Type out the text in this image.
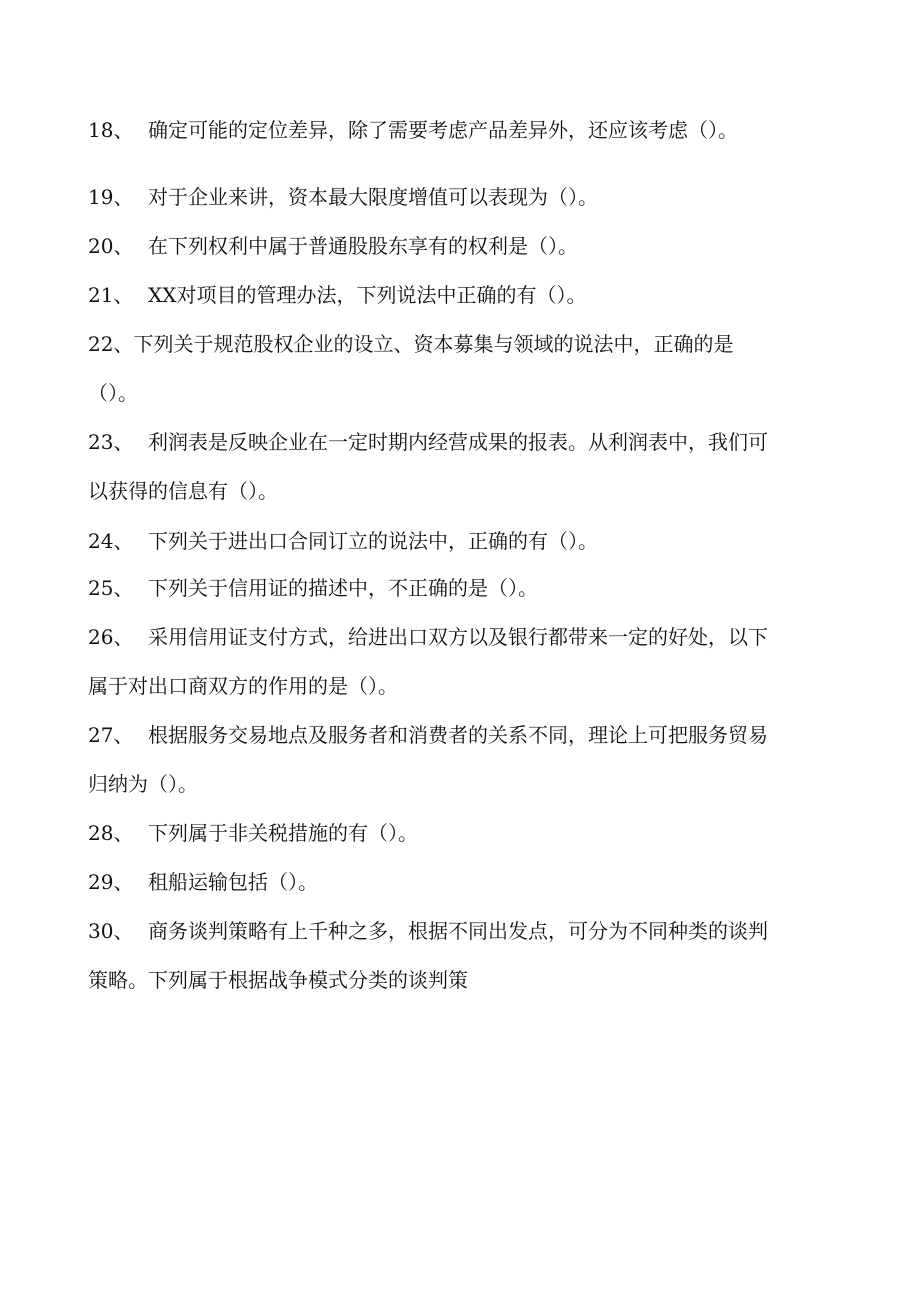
18、 确定可能的定位差异，除了需要考虑产品差异外，还应该考虑（）。
19、 对于企业来讲，资本最大限度增值可以表现为（）。
20、 在下列权利中属于普通股股东享有的权利是（）。
21、 XX对项目的管理办法，下列说法中正确的有（）。
22、下列关于规范股权企业的设立、资本募集与领域的说法中，正确的是
（）。
23、 利润表是反映企业在一定时期内经营成果的报表。从利润表中，我们可
以获得的信息有（）。
24、 下列关于进出口合同订立的说法中，正确的有（）。
25、 下列关于信用证的描述中，不正确的是（）。
26、 采用信用证支付方式，给进出口双方以及银行都带来一定的好处，以下
属于对出口商双方的作用的是（）。
27、 根据服务交易地点及服务者和消费者的关系不同，理论上可把服务贸易
归纳为（）。
28、 下列属于非关税措施的有（）。
29、 租船运输包括（）。
30、 商务谈判策略有上千种之多，根据不同出发点，可分为不同种类的谈判
策略。下列属于根据战争模式分类的谈判策
